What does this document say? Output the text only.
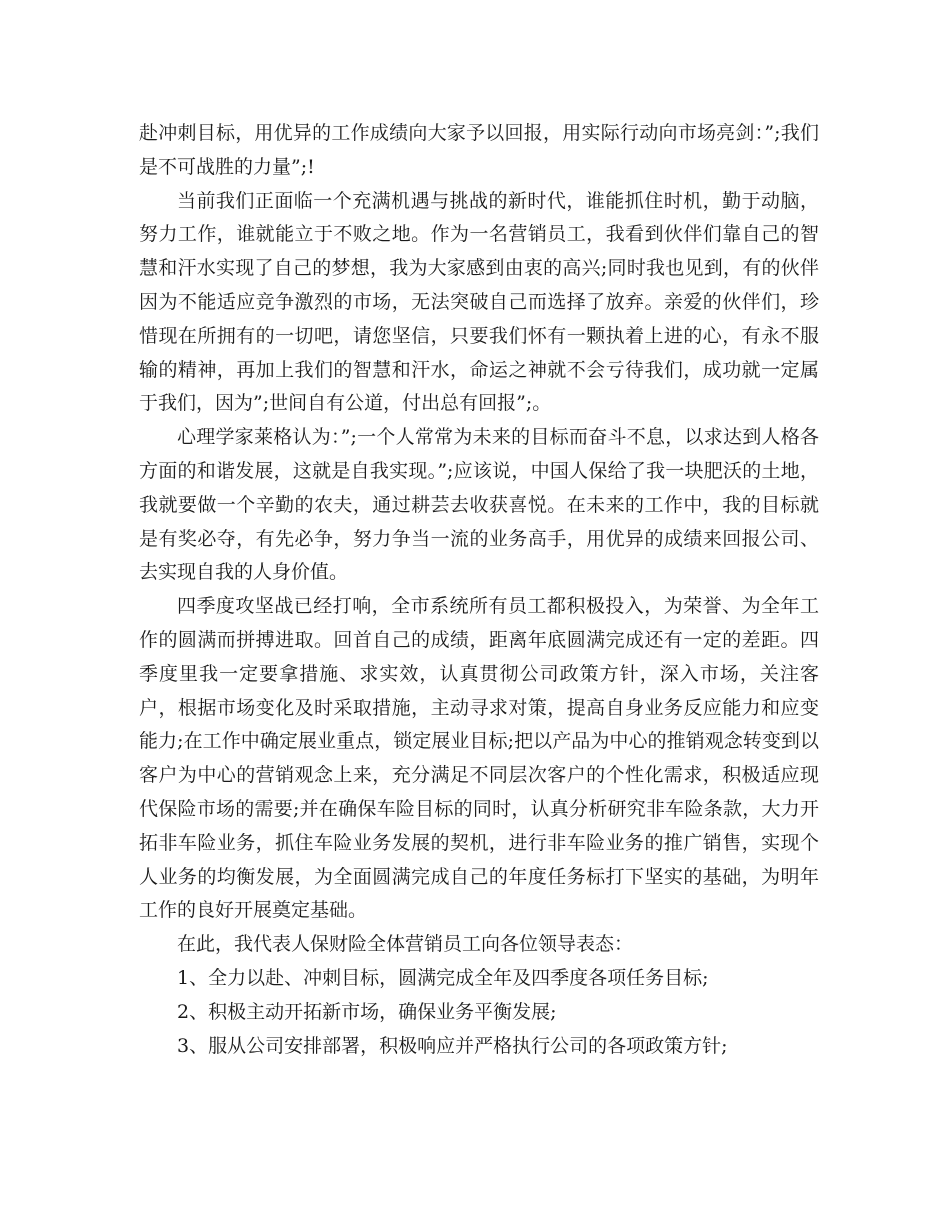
赴冲刺目标，用优异的工作成绩向大家予以回报，用实际行动向市场亮剑：”;我们是不可战胜的力量”;!

当前我们正面临一个充满机遇与挑战的新时代，谁能抓住时机，勤于动脑，努力工作，谁就能立于不败之地。作为一名营销员工，我看到伙伴们靠自己的智慧和汗水实现了自己的梦想，我为大家感到由衷的高兴;同时我也见到，有的伙伴因为不能适应竞争激烈的市场，无法突破自己而选择了放弃。亲爱的伙伴们，珍惜现在所拥有的一切吧，请您坚信，只要我们怀有一颗执着上进的心，有永不服输的精神，再加上我们的智慧和汗水，命运之神就不会亏待我们，成功就一定属于我们，因为”;世间自有公道，付出总有回报”;。

心理学家莱格认为：”;一个人常常为未来的目标而奋斗不息，以求达到人格各方面的和谐发展，这就是自我实现。”;应该说，中国人保给了我一块肥沃的土地，我就要做一个辛勤的农夫，通过耕芸去收获喜悦。在未来的工作中，我的目标就是有奖必夺，有先必争，努力争当一流的业务高手，用优异的成绩来回报公司、去实现自我的人身价值。

四季度攻坚战已经打响，全市系统所有员工都积极投入，为荣誉、为全年工作的圆满而拼搏进取。回首自己的成绩，距离年底圆满完成还有一定的差距。四季度里我一定要拿措施、求实效，认真贯彻公司政策方针，深入市场，关注客户，根据市场变化及时采取措施，主动寻求对策，提高自身业务反应能力和应变能力;在工作中确定展业重点，锁定展业目标;把以产品为中心的推销观念转变到以客户为中心的营销观念上来，充分满足不同层次客户的个性化需求，积极适应现代保险市场的需要;并在确保车险目标的同时，认真分析研究非车险条款，大力开拓非车险业务，抓住车险业务发展的契机，进行非车险业务的推广销售，实现个人业务的均衡发展，为全面圆满完成自己的年度任务标打下坚实的基础，为明年工作的良好开展奠定基础。

在此，我代表人保财险全体营销员工向各位领导表态：

1、全力以赴、冲刺目标，圆满完成全年及四季度各项任务目标;

2、积极主动开拓新市场，确保业务平衡发展;

3、服从公司安排部署，积极响应并严格执行公司的各项政策方针;
